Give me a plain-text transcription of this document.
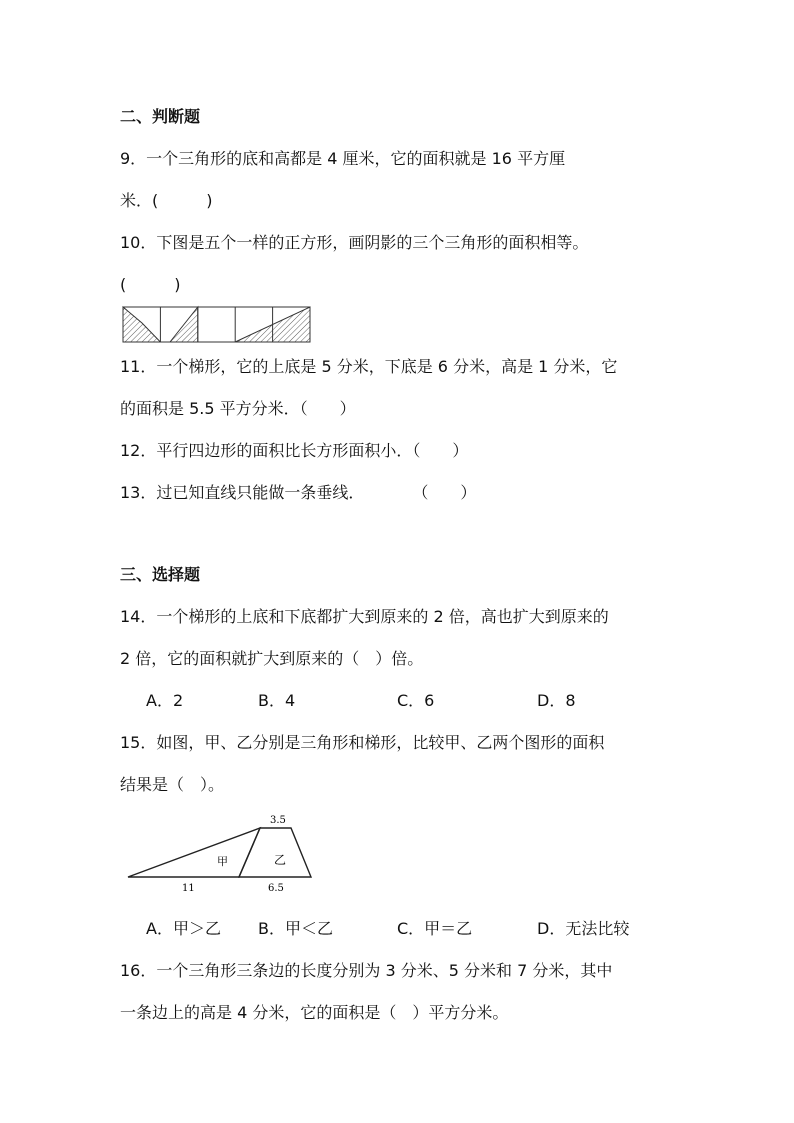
二、判断题
9．一个三角形的底和高都是 4 厘米，它的面积就是 16 平方厘
米．(　　　)
10．下图是五个一样的正方形，画阴影的三个三角形的面积相等。
(　　　)
11．一个梯形，它的上底是 5 分米，下底是 6 分米，高是 1 分米，它
的面积是 5.5 平方分米．（　　）
12．平行四边形的面积比长方形面积小．（　　）
13．过已知直线只能做一条垂线．　　　　（　　）
三、选择题
14．一个梯形的上底和下底都扩大到原来的 2 倍，高也扩大到原来的
2 倍，它的面积就扩大到原来的（　）倍。
A．2	B．4	C．6	D．8
15．如图，甲、乙分别是三角形和梯形，比较甲、乙两个图形的面积
结果是（　）。
3.5
甲	乙
11	6.5
A．甲＞乙 B．甲＜乙	C．甲＝乙	D．无法比较
16．一个三角形三条边的长度分别为 3 分米、5 分米和 7 分米，其中
一条边上的高是 4 分米，它的面积是（　）平方分米。
